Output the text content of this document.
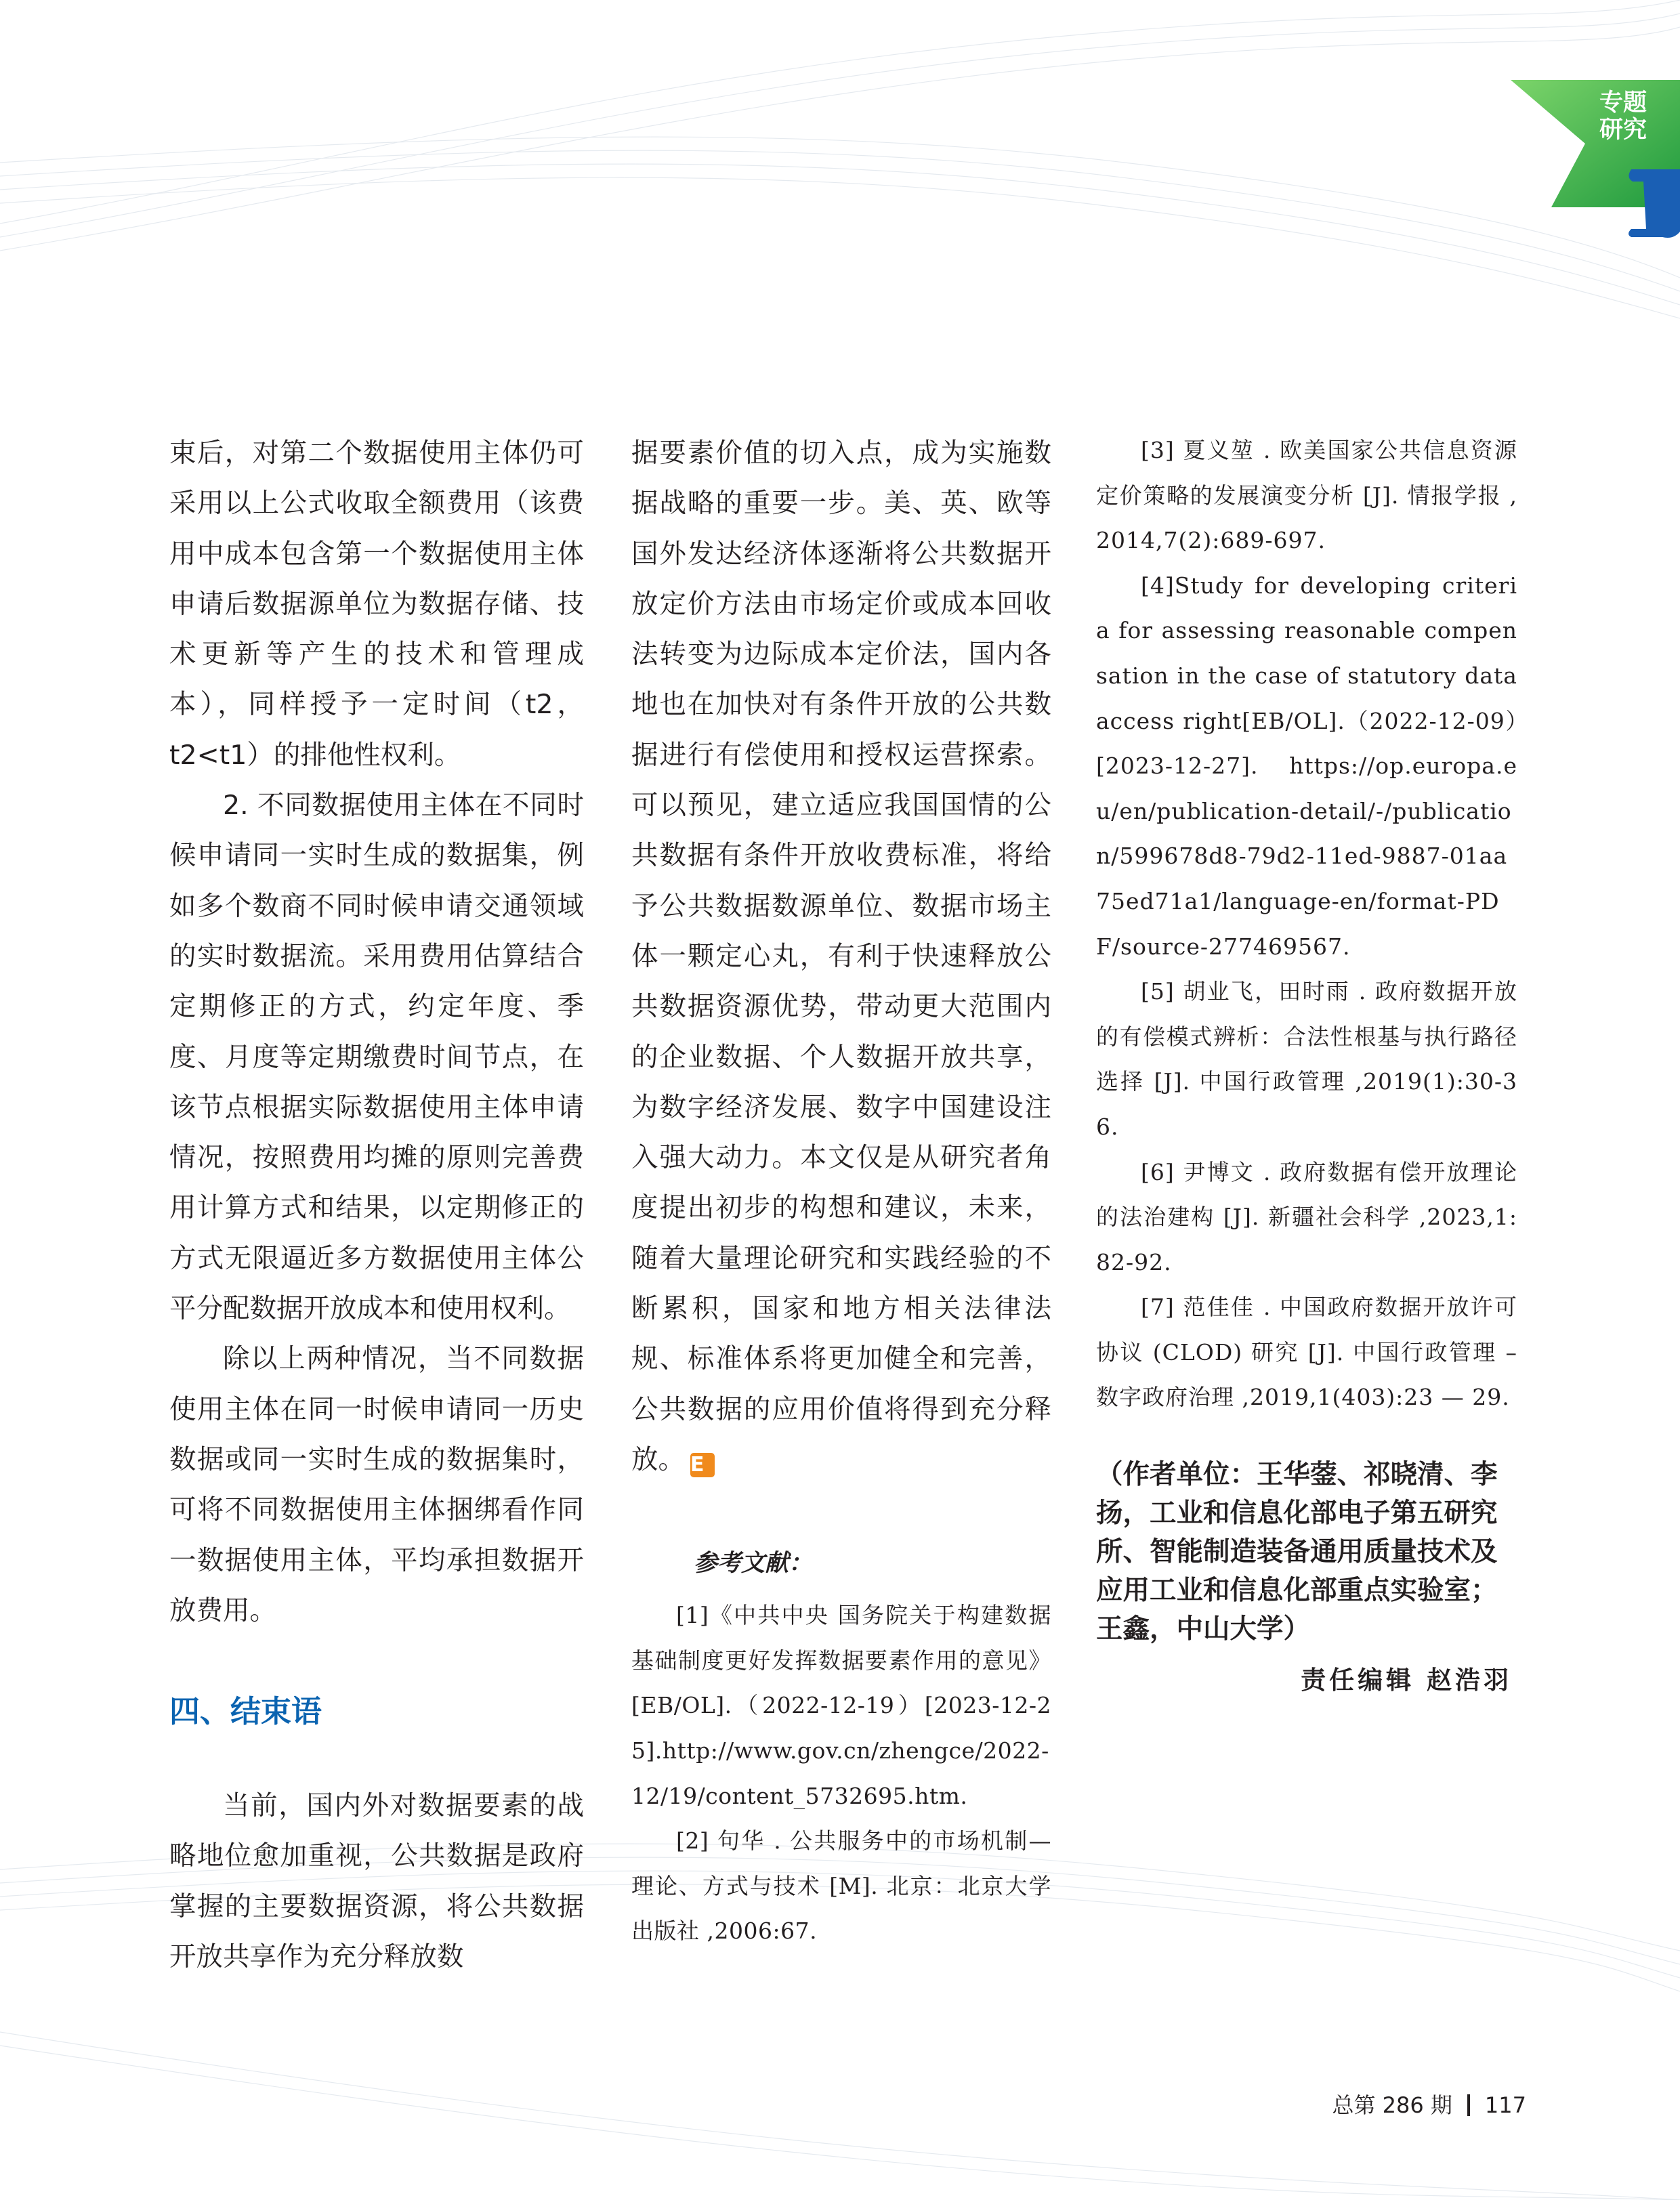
专题
研究

束后，对第二个数据使用主体仍可采用以上公式收取全额费用（该费用中成本包含第一个数据使用主体申请后数据源单位为数据存储、技术更新等产生的技术和管理成本），同样授予一定时间（t2，t2<t1）的排他性权利。

2. 不同数据使用主体在不同时候申请同一实时生成的数据集，例如多个数商不同时候申请交通领域的实时数据流。采用费用估算结合定期修正的方式，约定年度、季度、月度等定期缴费时间节点，在该节点根据实际数据使用主体申请情况，按照费用均摊的原则完善费用计算方式和结果，以定期修正的方式无限逼近多方数据使用主体公平分配数据开放成本和使用权利。

除以上两种情况，当不同数据使用主体在同一时候申请同一历史数据或同一实时生成的数据集时，可将不同数据使用主体捆绑看作同一数据使用主体，平均承担数据开放费用。

四、结束语

当前，国内外对数据要素的战略地位愈加重视，公共数据是政府掌握的主要数据资源，将公共数据开放共享作为充分释放数

据要素价值的切入点，成为实施数据战略的重要一步。美、英、欧等国外发达经济体逐渐将公共数据开放定价方法由市场定价或成本回收法转变为边际成本定价法，国内各地也在加快对有条件开放的公共数据进行有偿使用和授权运营探索。可以预见，建立适应我国国情的公共数据有条件开放收费标准，将给予公共数据数源单位、数据市场主体一颗定心丸，有利于快速释放公共数据资源优势，带动更大范围内的企业数据、个人数据开放共享，为数字经济发展、数字中国建设注入强大动力。本文仅是从研究者角度提出初步的构想和建议，未来，随着大量理论研究和实践经验的不断累积，国家和地方相关法律法规、标准体系将更加健全和完善，公共数据的应用价值将得到充分释放。 E

参考文献：

[1]《中共中央 国务院关于构建数据基础制度更好发挥数据要素作用的意见》[EB/OL].（2022-12-19）[2023-12-25].http://www.gov.cn/zhengce/2022-12/19/content_5732695.htm.

[2] 句华 . 公共服务中的市场机制—理论、方式与技术 [M]. 北京：北京大学出版社 ,2006:67.

[3] 夏义堃 . 欧美国家公共信息资源定价策略的发展演变分析 [J]. 情报学报 ,2014,7(2):689-697.

[4]Study for developing criteria for assessing reasonable compensation in the case of statutory data access right[EB/OL].（2022-12-09）[2023-12-27]. https://op.europa.eu/en/publication-detail/-/publication/599678d8-79d2-11ed-9887-01aa75ed71a1/language-en/format-PDF/source-277469567.

[5] 胡业飞，田时雨 . 政府数据开放的有偿模式辨析：合法性根基与执行路径选择 [J]. 中国行政管理 ,2019(1):30-36.

[6] 尹博文 . 政府数据有偿开放理论的法治建构 [J]. 新疆社会科学 ,2023,1:82-92.

[7] 范佳佳 . 中国政府数据开放许可协议 (CLOD) 研究 [J]. 中国行政管理 – 数字政府治理 ,2019,1(403):23 — 29.

（作者单位：王华蓥、祁晓清、李扬，工业和信息化部电子第五研究所、智能制造装备通用质量技术及应用工业和信息化部重点实验室；王鑫，中山大学）

责任编辑 赵浩羽
总第 286 期 117
